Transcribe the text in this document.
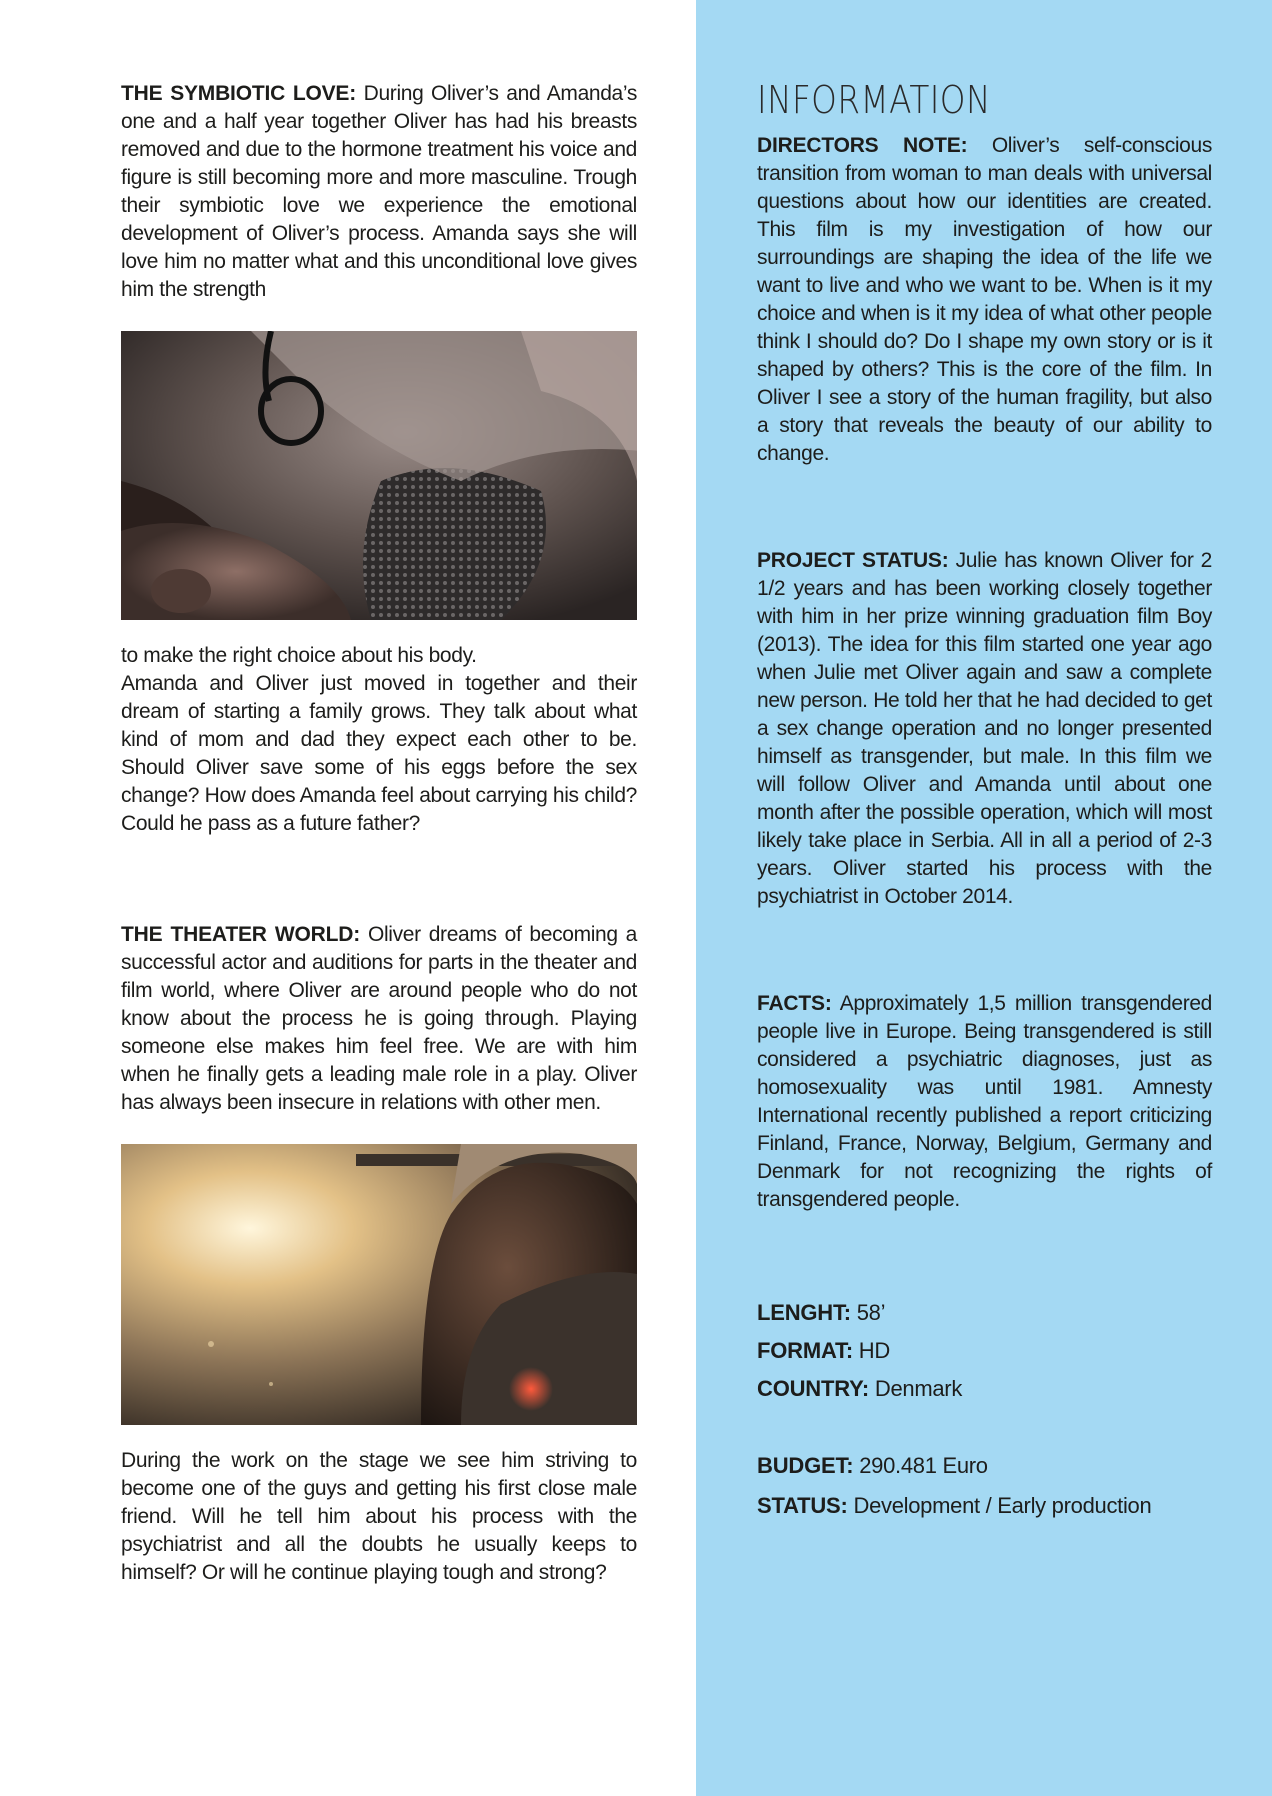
THE SYMBIOTIC LOVE: During Oliver’s and Amanda’s one and a half year together Oliver has had his breasts removed and due to the hormone treatment his voice and figure is still becoming more and more masculine. Trough their symbiotic love we experience the emotional development of Oliver’s process. Amanda says she will love him no matter what and this unconditional love gives him the strength

to make the right choice about his body.
Amanda and Oliver just moved in together and their dream of starting a family grows. They talk about what kind of mom and dad they expect each other to be. Should Oliver save some of his eggs before the sex change? How does Amanda feel about carrying his child? Could he pass as a future father?

THE THEATER WORLD: Oliver dreams of becoming a successful actor and auditions for parts in the theater and film world, where Oliver are around people who do not know about the process he is going through. Playing someone else makes him feel free. We are with him when he finally gets a leading male role in a play. Oliver has always been insecure in relations with other men.

During the work on the stage we see him striving to become one of the guys and getting his first close male friend. Will he tell him about his process with the psychiatrist and all the doubts he usually keeps to himself? Or will he continue playing tough and strong?

INFORMATION

DIRECTORS NOTE: Oliver’s self-conscious transition from woman to man deals with universal questions about how our identities are created. This film is my investigation of how our surroundings are shaping the idea of the life we want to live and who we want to be. When is it my choice and when is it my idea of what other people think I should do? Do I shape my own story or is it shaped by others? This is the core of the film. In Oliver I see a story of the human fragility, but also a story that reveals the beauty of our ability to change.

PROJECT STATUS: Julie has known Oliver for 2 1/2 years and has been working closely together with him in her prize winning graduation film Boy (2013). The idea for this film started one year ago when Julie met Oliver again and saw a complete new person. He told her that he had decided to get a sex change operation and no longer presented himself as transgender, but male. In this film we will follow Oliver and Amanda until about one month after the possible operation, which will most likely take place in Serbia. All in all a period of 2-3 years. Oliver started his process with the psychiatrist in October 2014.

FACTS: Approximately 1,5 million transgendered people live in Europe. Being transgendered is still considered a psychiatric diagnoses, just as homosexuality was until 1981. Amnesty International recently published a report criticizing Finland, France, Norway, Belgium, Germany and Denmark for not recognizing the rights of transgendered people.

LENGHT: 58’

FORMAT: HD

COUNTRY: Denmark

BUDGET: 290.481 Euro

STATUS: Development / Early production
